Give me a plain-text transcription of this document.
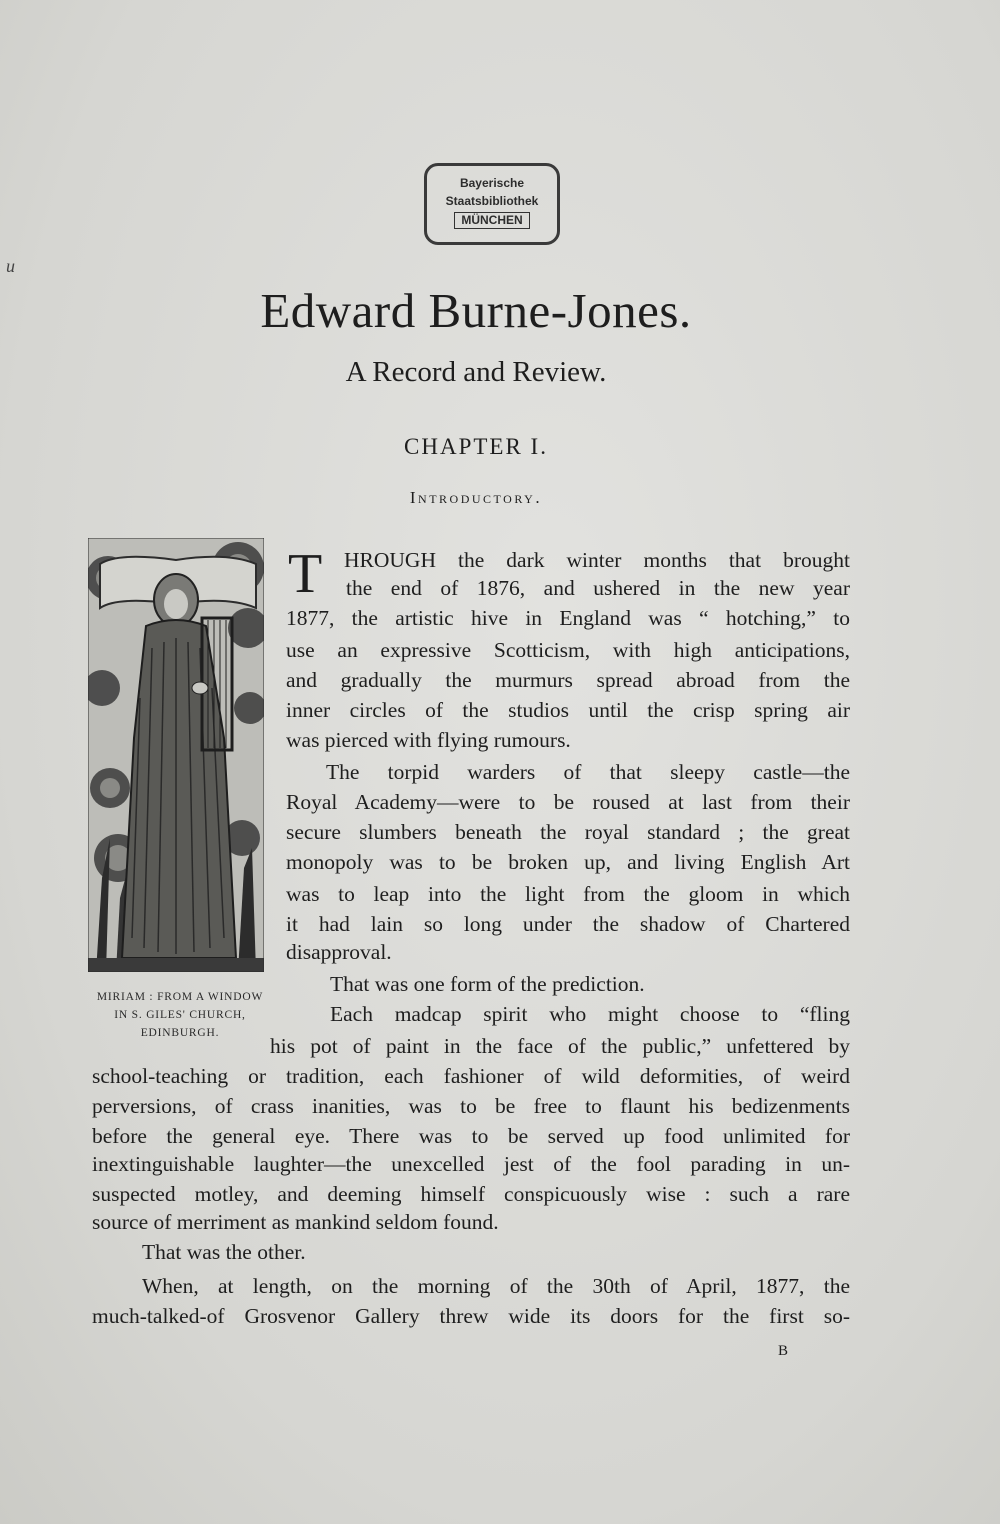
u
Bayerische
Staatsbibliothek
MÜNCHEN
Edward Burne-Jones.
A Record and Review.
CHAPTER I.
Introductory.
MIRIAM : FROM A WINDOW
IN S. GILES' CHURCH,
EDINBURGH.
T HROUGH the dark winter months that brought
the end of 1876, and ushered in the new year
1877, the artistic hive in England was “ hotching,” to
use an expressive Scotticism, with high anticipations,
and gradually the murmurs spread abroad from the
inner circles of the studios until the crisp spring air
was pierced with flying rumours.
The torpid warders of that sleepy castle—the
Royal Academy—were to be roused at last from their
secure slumbers beneath the royal standard ; the great
monopoly was to be broken up, and living English Art
was to leap into the light from the gloom in which
it had lain so long under the shadow of Chartered
disapproval.
That was one form of the prediction.
Each madcap spirit who might choose to “fling
his pot of paint in the face of the public,” unfettered by
school-teaching or tradition, each fashioner of wild deformities, of weird
perversions, of crass inanities, was to be free to flaunt his bedizenments
before the general eye. There was to be served up food unlimited for
inextinguishable laughter—the unexcelled jest of the fool parading in un-
suspected motley, and deeming himself conspicuously wise : such a rare
source of merriment as mankind seldom found.
That was the other.
When, at length, on the morning of the 30th of April, 1877, the
much-talked-of Grosvenor Gallery threw wide its doors for the first so-
B
